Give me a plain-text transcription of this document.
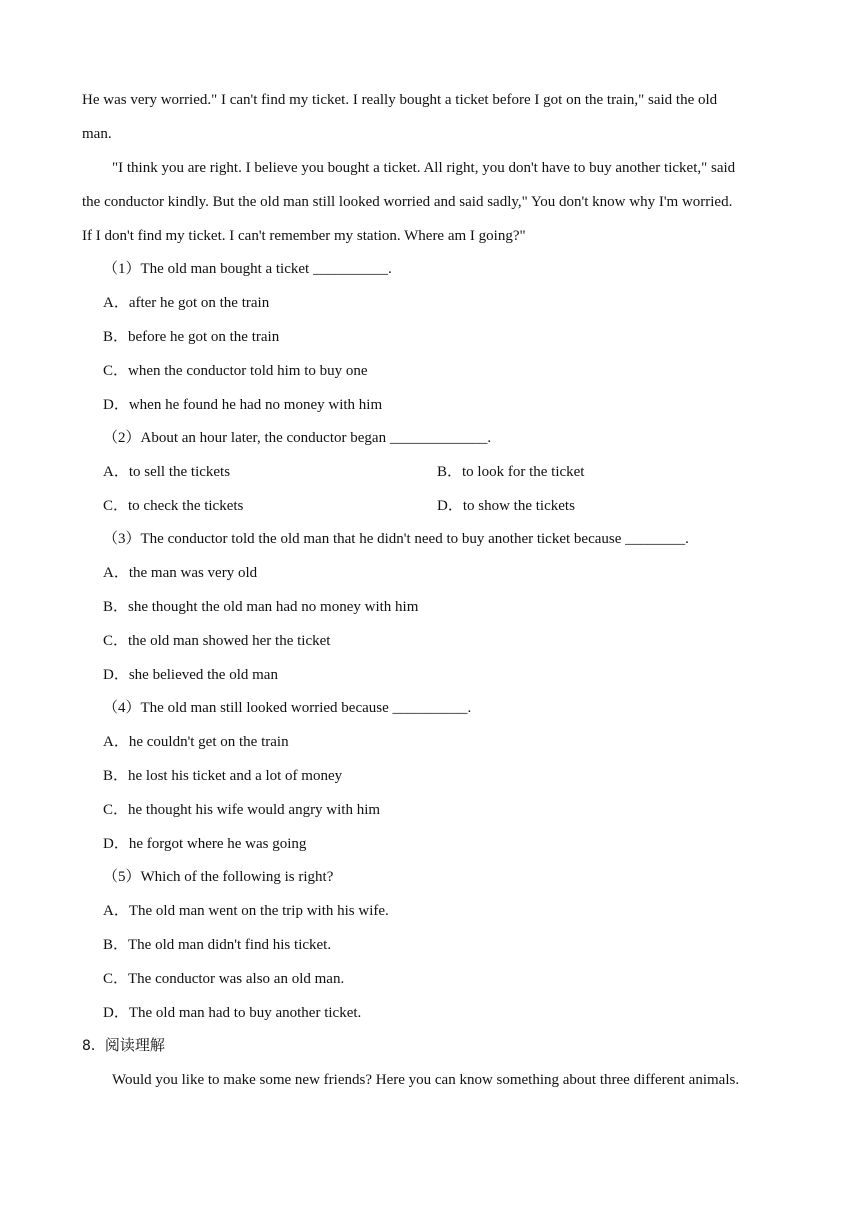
He was very worried." I can't find my ticket. I really bought a ticket before I got on the train," said the old
man.
"I think you are right. I believe you bought a ticket. All right, you don't have to buy another ticket," said
the conductor kindly. But the old man still looked worried and said sadly," You don't know why I'm worried.
If I don't find my ticket. I can't remember my station. Where am I going?"
（1）The old man bought a ticket __________.
A．after he got on the train
B．before he got on the train
C．when the conductor told him to buy one
D．when he found he had no money with him
（2）About an hour later, the conductor began _____________.
A．to sell the tickets	B．to look for the ticket
C．to check the tickets	D．to show the tickets
（3）The conductor told the old man that he didn't need to buy another ticket because ________.
A．the man was very old
B．she thought the old man had no money with him
C．the old man showed her the ticket
D．she believed the old man
（4）The old man still looked worried because __________.
A．he couldn't get on the train
B．he lost his ticket and a lot of money
C．he thought his wife would angry with him
D．he forgot where he was going
（5）Which of the following is right?
A．The old man went on the trip with his wife.
B．The old man didn't find his ticket.
C．The conductor was also an old man.
D．The old man had to buy another ticket.
8．阅读理解
Would you like to make some new friends? Here you can know something about three different animals.
